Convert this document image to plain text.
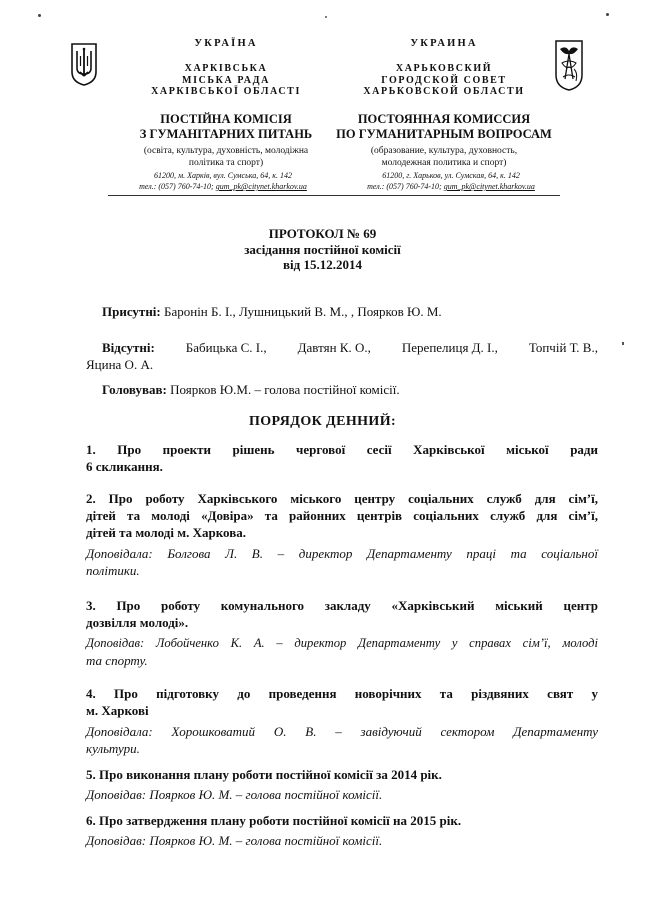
УКРАЇНА
ХАРКІВСЬКА
МІСЬКА РАДА
ХАРКІВСЬКОЇ ОБЛАСТІ
ПОСТІЙНА КОМІСІЯ
З ГУМАНІТАРНИХ ПИТАНЬ
(освіта, культура, духовність, молодіжна
політика та спорт)
УКРАИНА
ХАРЬКОВСКИЙ
ГОРОДСКОЙ СОВЕТ
ХАРЬКОВСКОЙ ОБЛАСТИ
ПОСТОЯННАЯ КОМИССИЯ
ПО ГУМАНИТАРНЫМ ВОПРОСАМ
(образование, культура, духовность,
молодежная политика и спорт)
61200, м. Харків, вул. Сумська, 64, к. 142
тел.: (057) 760-74-10; gum_pk@citynet.kharkov.ua
61200, г. Харьков, ул. Сумская, 64, к. 142
тел.: (057) 760-74-10; gum_pk@citynet.kharkov.ua
ПРОТОКОЛ № 69
засідання постійної комісії
від 15.12.2014
Присутні: Баронін Б. І., Лушницький В. М., , Поярков Ю. М.
Відсутні: Бабицька С. І., Давтян К. О., Перепелиця Д. І., Топчій Т. В.,
Яцина О. А.
Головував: Поярков Ю.М. – голова постійної комісії.
ПОРЯДОК ДЕННИЙ:
1. Про проекти рішень чергової сесії Харківської міської ради
6 скликання.
2. Про роботу Харківського міського центру соціальних служб для сім’ї,
дітей та молоді «Довіра» та районних центрів соціальних служб для сім’ї,
дітей та молоді м. Харкова.
Доповідала: Болгова Л. В. – директор Департаменту праці та соціальної
політики.
3. Про роботу комунального закладу «Харківський міський центр
дозвілля молоді».
Доповідав: Лобойченко К. А. – директор Департаменту у справах сім’ї, молоді
та спорту.
4. Про підготовку до проведення новорічних та різдвяних свят у
м. Харкові
Доповідала: Хорошковатий О. В. – завідуючий сектором Департаменту
культури.
5. Про виконання плану роботи постійної комісії за 2014 рік.
Доповідав: Поярков Ю. М. – голова постійної комісії.
6. Про затвердження плану роботи постійної комісії на 2015 рік.
Доповідав: Поярков Ю. М. – голова постійної комісії.
